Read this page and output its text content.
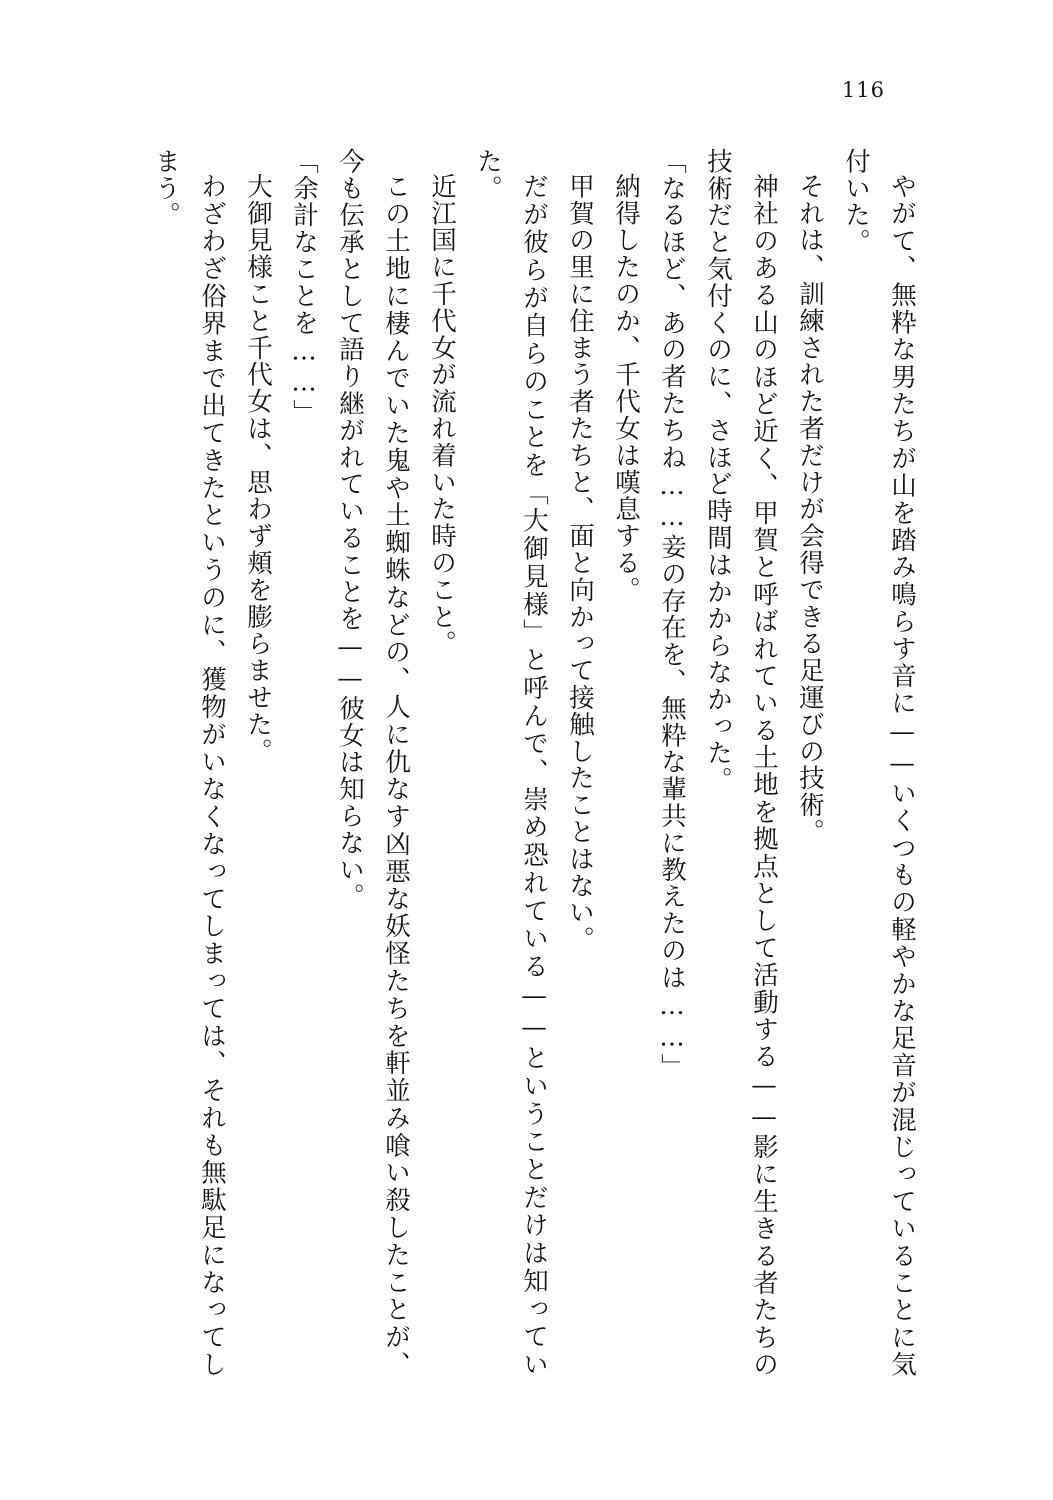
116

やがて、無粋な男たちが山を踏み鳴らす音に——いくつもの軽やかな足音が混じっていることに気付いた。

それは、訓練された者だけが会得できる足運びの技術。

神社のある山のほど近く、甲賀と呼ばれている土地を拠点として活動する——影に生きる者たちの技術だと気付くのに、さほど時間はかからなかった。

「なるほど、あの者たちね……妾の存在を、無粋な輩共に教えたのは……」

納得したのか、千代女は嘆息する。

甲賀の里に住まう者たちと、面と向かって接触したことはない。

だが彼らが自らのことを「大御見様」と呼んで、崇め恐れている——ということだけは知っていた。

近江国に千代女が流れ着いた時のこと。

この土地に棲んでいた鬼や土蜘蛛などの、人に仇なす凶悪な妖怪たちを軒並み喰い殺したことが、今も伝承として語り継がれていることを——彼女は知らない。

「余計なことを……」

大御見様こと千代女は、思わず頬を膨らませた。

わざわざ俗界まで出てきたというのに、獲物がいなくなってしまっては、それも無駄足になってしまう。
